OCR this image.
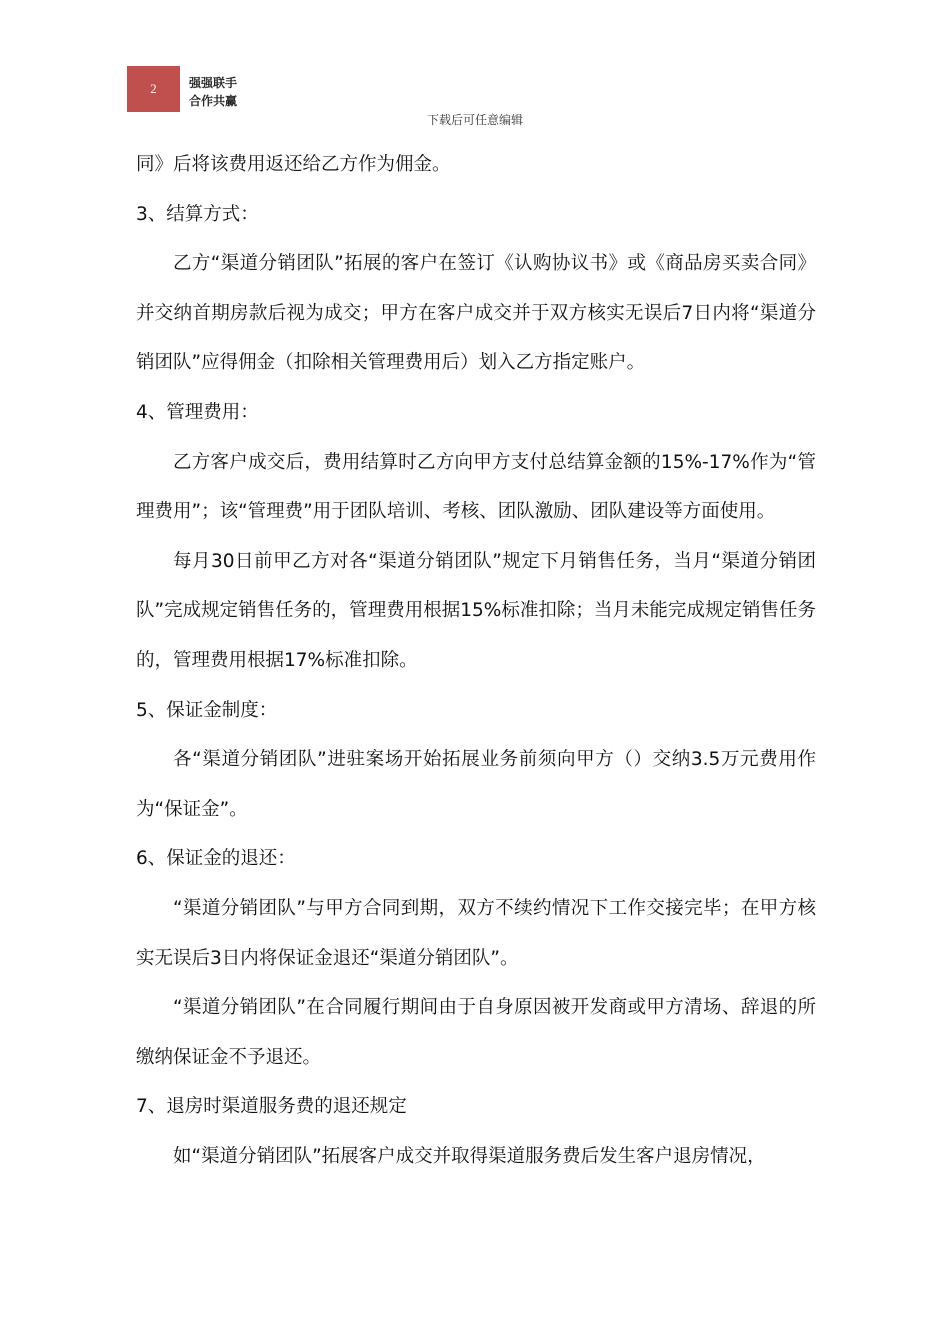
2	强强联手
合作共赢
下载后可任意编辑

同》后将该费用返还给乙方作为佣金。

3、结算方式：

乙方“渠道分销团队”拓展的客户在签订《认购协议书》或《商品房买卖合同》并交纳首期房款后视为成交；甲方在客户成交并于双方核实无误后7日内将“渠道分销团队”应得佣金（扣除相关管理费用后）划入乙方指定账户。

4、管理费用：

乙方客户成交后，费用结算时乙方向甲方支付总结算金额的15%-17%作为“管理费用”；该“管理费”用于团队培训、考核、团队激励、团队建设等方面使用。

每月30日前甲乙方对各“渠道分销团队”规定下月销售任务，当月“渠道分销团队”完成规定销售任务的，管理费用根据15%标准扣除；当月未能完成规定销售任务的，管理费用根据17%标准扣除。

5、保证金制度：

各“渠道分销团队”进驻案场开始拓展业务前须向甲方（）交纳3.5万元费用作为“保证金”。

6、保证金的退还：

“渠道分销团队”与甲方合同到期，双方不续约情况下工作交接完毕；在甲方核实无误后3日内将保证金退还“渠道分销团队”。

“渠道分销团队”在合同履行期间由于自身原因被开发商或甲方清场、辞退的所缴纳保证金不予退还。

7、退房时渠道服务费的退还规定

如“渠道分销团队”拓展客户成交并取得渠道服务费后发生客户退房情况，
